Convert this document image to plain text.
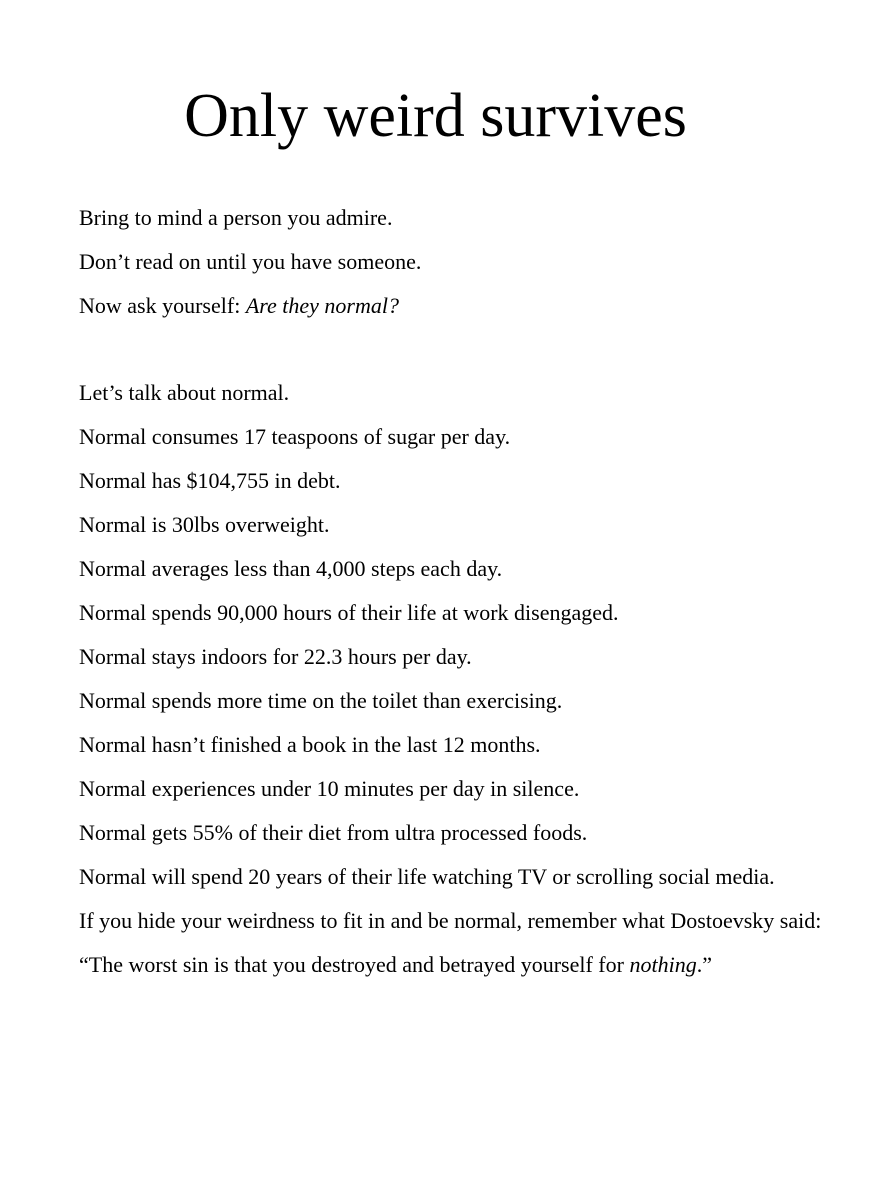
Only weird survives

Bring to mind a person you admire.

Don’t read on until you have someone.

Now ask yourself: Are they normal?

Let’s talk about normal.

Normal consumes 17 teaspoons of sugar per day.

Normal has $104,755 in debt.

Normal is 30lbs overweight.

Normal averages less than 4,000 steps each day.

Normal spends 90,000 hours of their life at work disengaged.

Normal stays indoors for 22.3 hours per day.

Normal spends more time on the toilet than exercising.

Normal hasn’t finished a book in the last 12 months.

Normal experiences under 10 minutes per day in silence.

Normal gets 55% of their diet from ultra processed foods.

Normal will spend 20 years of their life watching TV or scrolling social media.

If you hide your weirdness to fit in and be normal, remember what Dostoevsky said:

“The worst sin is that you destroyed and betrayed yourself for nothing.”
